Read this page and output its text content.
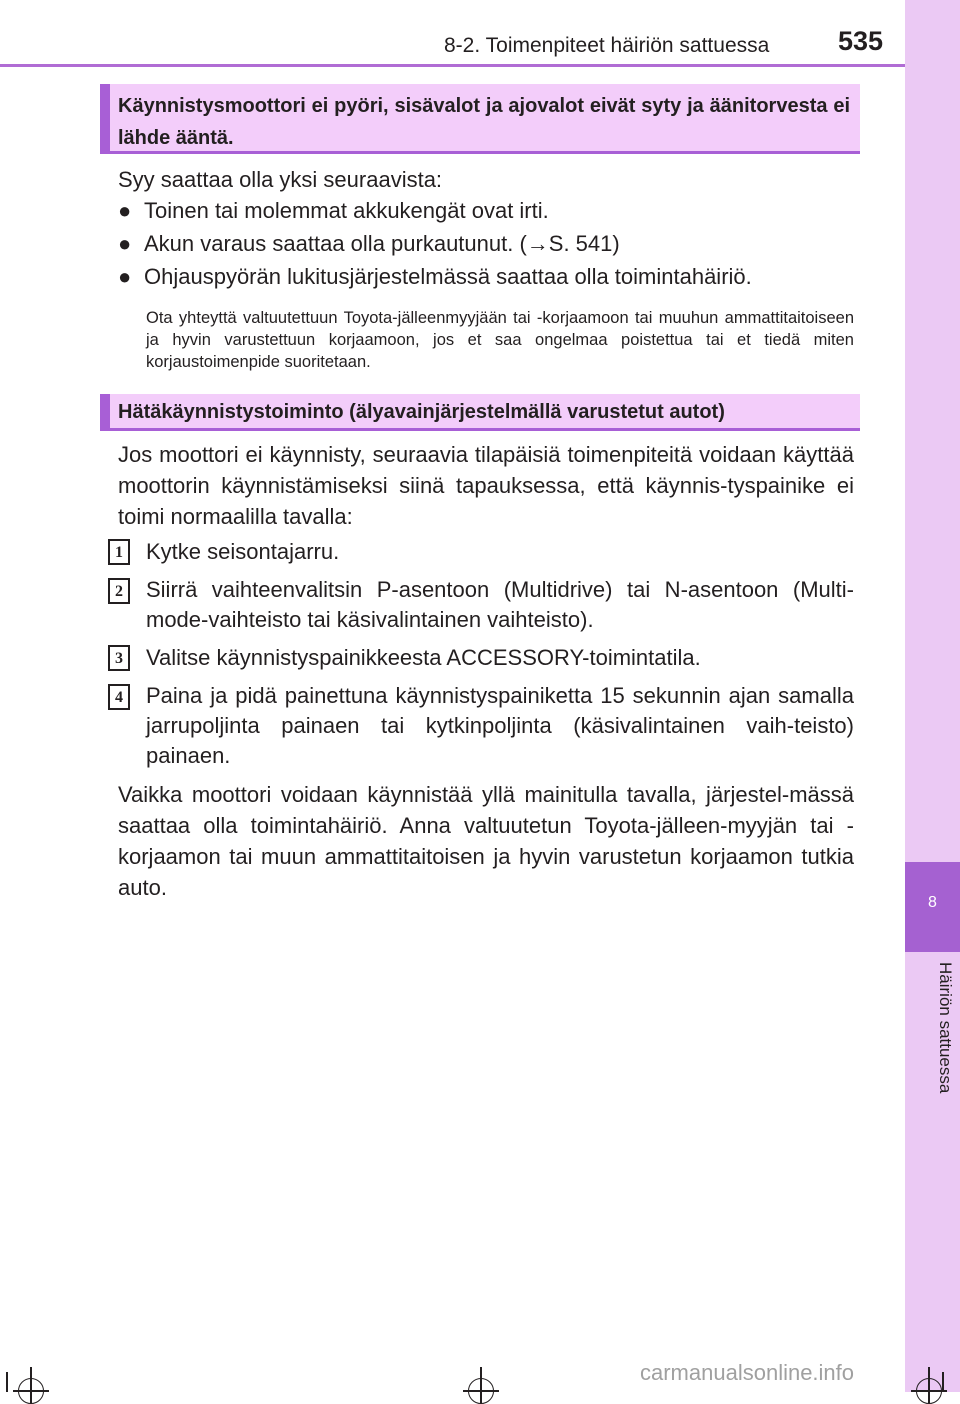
8-2. Toimenpiteet häiriön sattuessa	535
8
Häiriön sattuessa
Käynnistysmoottori ei pyöri, sisävalot ja ajovalot eivät syty ja äänitorvesta ei lähde ääntä.
Syy saattaa olla yksi seuraavista:
● Toinen tai molemmat akkukengät ovat irti.
● Akun varaus saattaa olla purkautunut. (→S. 541)
● Ohjauspyörän lukitusjärjestelmässä saattaa olla toimintahäiriö.
Ota yhteyttä valtuutettuun Toyota-jälleenmyyjään tai -korjaamoon tai muuhun ammattitaitoiseen ja hyvin varustettuun korjaamoon, jos et saa ongelmaa poistettua tai et tiedä miten korjaustoimenpide suoritetaan.
Hätäkäynnistystoiminto (älyavainjärjestelmällä varustetut autot)
Jos moottori ei käynnisty, seuraavia tilapäisiä toimenpiteitä voidaan käyttää moottorin käynnistämiseksi siinä tapauksessa, että käynnis-tyspainike ei toimi normaalilla tavalla:
1	Kytke seisontajarru.
2	Siirrä vaihteenvalitsin P-asentoon (Multidrive) tai N-asentoon (Multi-mode-vaihteisto tai käsivalintainen vaihteisto).
3	Valitse käynnistyspainikkeesta ACCESSORY-toimintatila.
4	Paina ja pidä painettuna käynnistyspainiketta 15 sekunnin ajan samalla jarrupoljinta painaen tai kytkinpoljinta (käsivalintainen vaih-teisto) painaen.
Vaikka moottori voidaan käynnistää yllä mainitulla tavalla, järjestel-mässä saattaa olla toimintahäiriö. Anna valtuutetun Toyota-jälleen-myyjän tai -korjaamon tai muun ammattitaitoisen ja hyvin varustetun korjaamon tutkia auto.
carmanualsonline.info
